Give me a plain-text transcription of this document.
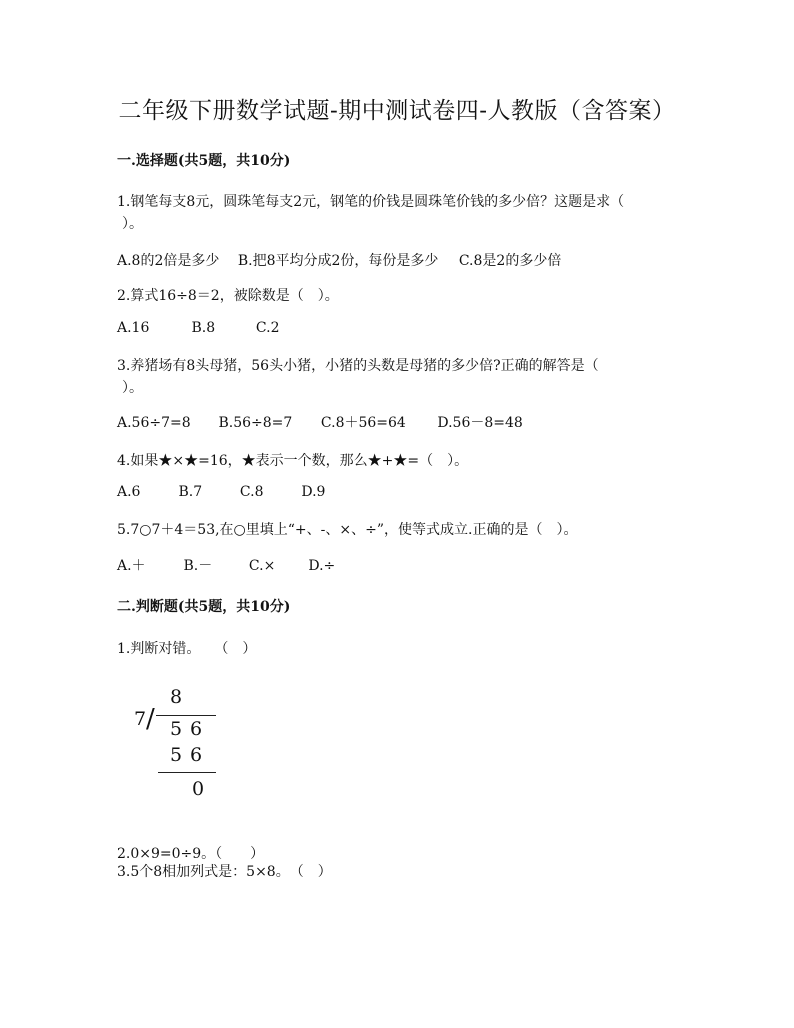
二年级下册数学试题-期中测试卷四-人教版（含答案）
一.选择题(共5题，共10分)
1.钢笔每支8元，圆珠笔每支2元，钢笔的价钱是圆珠笔价钱的多少倍？这题是求（
）。
A.8的2倍是多少 B.把8平均分成2份，每份是多少 C.8是2的多少倍
2.算式16÷8＝2，被除数是（　）。
A.16	B.8	C.2
3.养猪场有8头母猪，56头小猪，小猪的头数是母猪的多少倍?正确的解答是（
）。
A.56÷7=8 B.56÷8=7 C.8＋56=64 D.56－8=48
4.如果★×★=16，★表示一个数，那么★+★=（　）。
A.6	B.7	C.8	D.9
5.7○7＋4＝53,在○里填上“+、-、×、÷”，使等式成立.正确的是（　）。
A.＋	B.－	C.× D.÷
二.判断题(共5题，共10分)
1.判断对错。　　（　）
8
7 / 5 6
5 6
0
2.0×9=0÷9。（　　）
3.5个8相加列式是：5×8。　（　）
